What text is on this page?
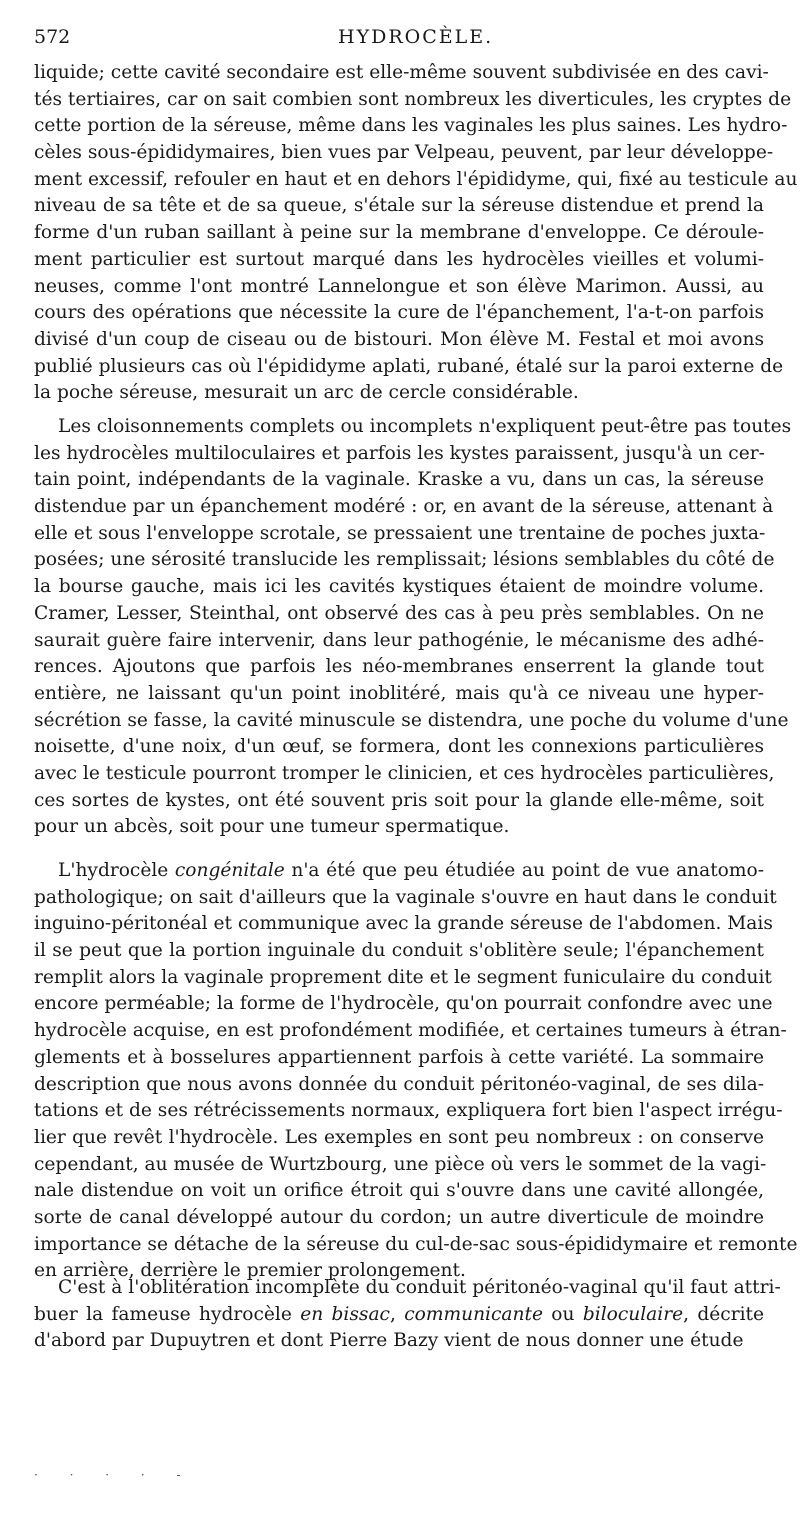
572	HYDROCÈLE.
liquide; cette cavité secondaire est elle-même souvent subdivisée en des cavi-
tés tertiaires, car on sait combien sont nombreux les diverticules, les cryptes de
cette portion de la séreuse, même dans les vaginales les plus saines. Les hydro-
cèles sous-épididymaires, bien vues par Velpeau, peuvent, par leur développe-
ment excessif, refouler en haut et en dehors l'épididyme, qui, fixé au testicule au
niveau de sa tête et de sa queue, s'étale sur la séreuse distendue et prend la
forme d'un ruban saillant à peine sur la membrane d'enveloppe. Ce déroule-
ment particulier est surtout marqué dans les hydrocèles vieilles et volumi-
neuses, comme l'ont montré Lannelongue et son élève Marimon. Aussi, au
cours des opérations que nécessite la cure de l'épanchement, l'a-t-on parfois
divisé d'un coup de ciseau ou de bistouri. Mon élève M. Festal et moi avons
publié plusieurs cas où l'épididyme aplati, rubané, étalé sur la paroi externe de
la poche séreuse, mesurait un arc de cercle considérable.
Les cloisonnements complets ou incomplets n'expliquent peut-être pas toutes
les hydrocèles multiloculaires et parfois les kystes paraissent, jusqu'à un cer-
tain point, indépendants de la vaginale. Kraske a vu, dans un cas, la séreuse
distendue par un épanchement modéré : or, en avant de la séreuse, attenant à
elle et sous l'enveloppe scrotale, se pressaient une trentaine de poches juxta-
posées; une sérosité translucide les remplissait; lésions semblables du côté de
la bourse gauche, mais ici les cavités kystiques étaient de moindre volume.
Cramer, Lesser, Steinthal, ont observé des cas à peu près semblables. On ne
saurait guère faire intervenir, dans leur pathogénie, le mécanisme des adhé-
rences. Ajoutons que parfois les néo-membranes enserrent la glande tout
entière, ne laissant qu'un point inoblitéré, mais qu'à ce niveau une hyper-
sécrétion se fasse, la cavité minuscule se distendra, une poche du volume d'une
noisette, d'une noix, d'un œuf, se formera, dont les connexions particulières
avec le testicule pourront tromper le clinicien, et ces hydrocèles particulières,
ces sortes de kystes, ont été souvent pris soit pour la glande elle-même, soit
pour un abcès, soit pour une tumeur spermatique.
L'hydrocèle congénitale n'a été que peu étudiée au point de vue anatomo-
pathologique; on sait d'ailleurs que la vaginale s'ouvre en haut dans le conduit
inguino-péritonéal et communique avec la grande séreuse de l'abdomen. Mais
il se peut que la portion inguinale du conduit s'oblitère seule; l'épanchement
remplit alors la vaginale proprement dite et le segment funiculaire du conduit
encore perméable; la forme de l'hydrocèle, qu'on pourrait confondre avec une
hydrocèle acquise, en est profondément modifiée, et certaines tumeurs à étran-
glements et à bosselures appartiennent parfois à cette variété. La sommaire
description que nous avons donnée du conduit péritonéo-vaginal, de ses dila-
tations et de ses rétrécissements normaux, expliquera fort bien l'aspect irrégu-
lier que revêt l'hydrocèle. Les exemples en sont peu nombreux : on conserve
cependant, au musée de Wurtzbourg, une pièce où vers le sommet de la vagi-
nale distendue on voit un orifice étroit qui s'ouvre dans une cavité allongée,
sorte de canal développé autour du cordon; un autre diverticule de moindre
importance se détache de la séreuse du cul-de-sac sous-épididymaire et remonte
en arrière, derrière le premier prolongement.
C'est à l'oblitération incomplète du conduit péritonéo-vaginal qu'il faut attri-
buer la fameuse hydrocèle en bissac, communicante ou biloculaire, décrite
d'abord par Dupuytren et dont Pierre Bazy vient de nous donner une étude
· · · · -
